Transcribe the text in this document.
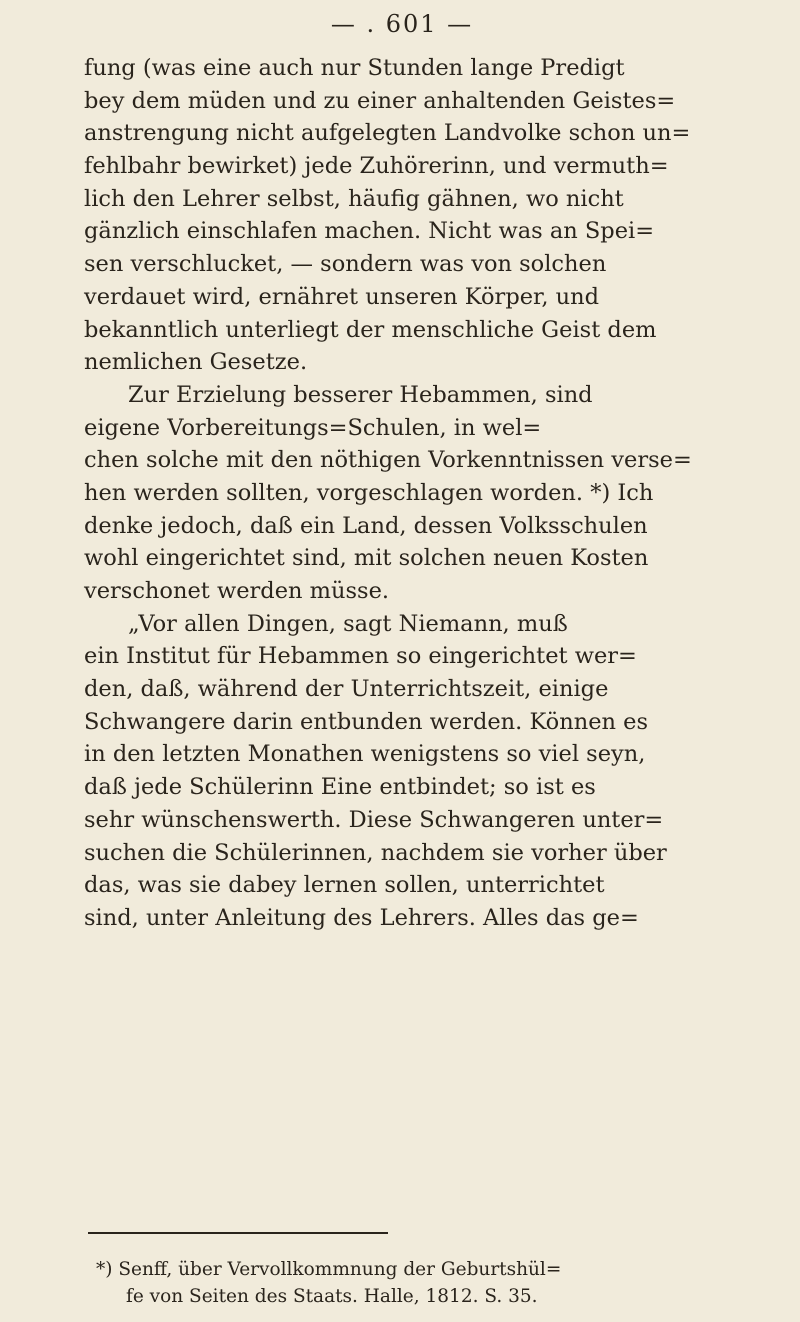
— . 601 —
fung (was eine auch nur Stunden lange Predigt
bey dem müden und zu einer anhaltenden Geistes=
anstrengung nicht aufgelegten Landvolke schon un=
fehlbahr bewirket) jede Zuhörerinn, und vermuth=
lich den Lehrer selbst, häufig gähnen, wo nicht
gänzlich einschlafen machen. Nicht was an Spei=
sen verschlucket, — sondern was von solchen
verdauet wird, ernähret unseren Körper, und
bekanntlich unterliegt der menschliche Geist dem
nemlichen Gesetze.
Zur Erzielung besserer Hebammen, sind
eigene Vorbereitungs=Schulen, in wel=
chen solche mit den nöthigen Vorkenntnissen verse=
hen werden sollten, vorgeschlagen worden. *) Ich
denke jedoch, daß ein Land, dessen Volksschulen
wohl eingerichtet sind, mit solchen neuen Kosten
verschonet werden müsse.
„Vor allen Dingen, sagt Niemann, muß
ein Institut für Hebammen so eingerichtet wer=
den, daß, während der Unterrichtszeit, einige
Schwangere darin entbunden werden. Können es
in den letzten Monathen wenigstens so viel seyn,
daß jede Schülerinn Eine entbindet; so ist es
sehr wünschenswerth. Diese Schwangeren unter=
suchen die Schülerinnen, nachdem sie vorher über
das, was sie dabey lernen sollen, unterrichtet
sind, unter Anleitung des Lehrers. Alles das ge=
*) Senff, über Vervollkommnung der Geburtshül=
fe von Seiten des Staats. Halle, 1812. S. 35.
